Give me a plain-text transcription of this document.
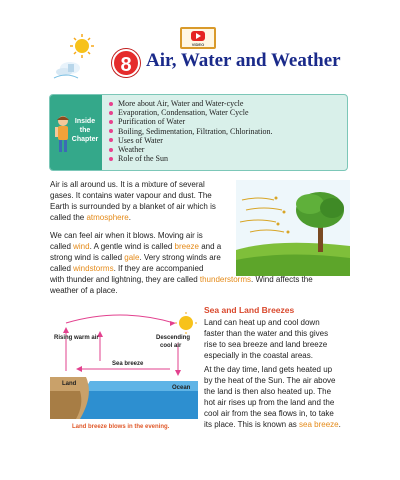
VIDEO
8 Air, Water and Weather
Inside
the
Chapter
More about Air, Water and Water-cycle
Evaporation, Condensation, Water Cycle
Purification of Water
Boiling, Sedimentation, Filtration, Chlorination.
Uses of Water
Weather
Role of the Sun
Air is all around us. It is a mixture of several
gases. It contains water vapour and dust. The
Earth is surrounded by a blanket of air which is
called the atmosphere.
We can feel air when it blows. Moving air is
called wind. A gentle wind is called breeze and a
strong wind is called gale. Very strong winds are
called windstorms. If they are accompanied
with thunder and lightning, they are called thunderstorms. Wind affects the
weather of a place.
Rising warm air	Descending
cool air
Sea breeze
Land
Ocean
Land breeze blows in the evening.
Sea and Land Breezes
Land can heat up and cool down
faster than the water and this gives
rise to sea breeze and land breeze
especially in the coastal areas.
At the day time, land gets heated up
by the heat of the Sun. The air above
the land is then also heated up. The
hot air rises up from the land and the
cool air from the sea flows in, to take
its place. This is known as sea breeze.
